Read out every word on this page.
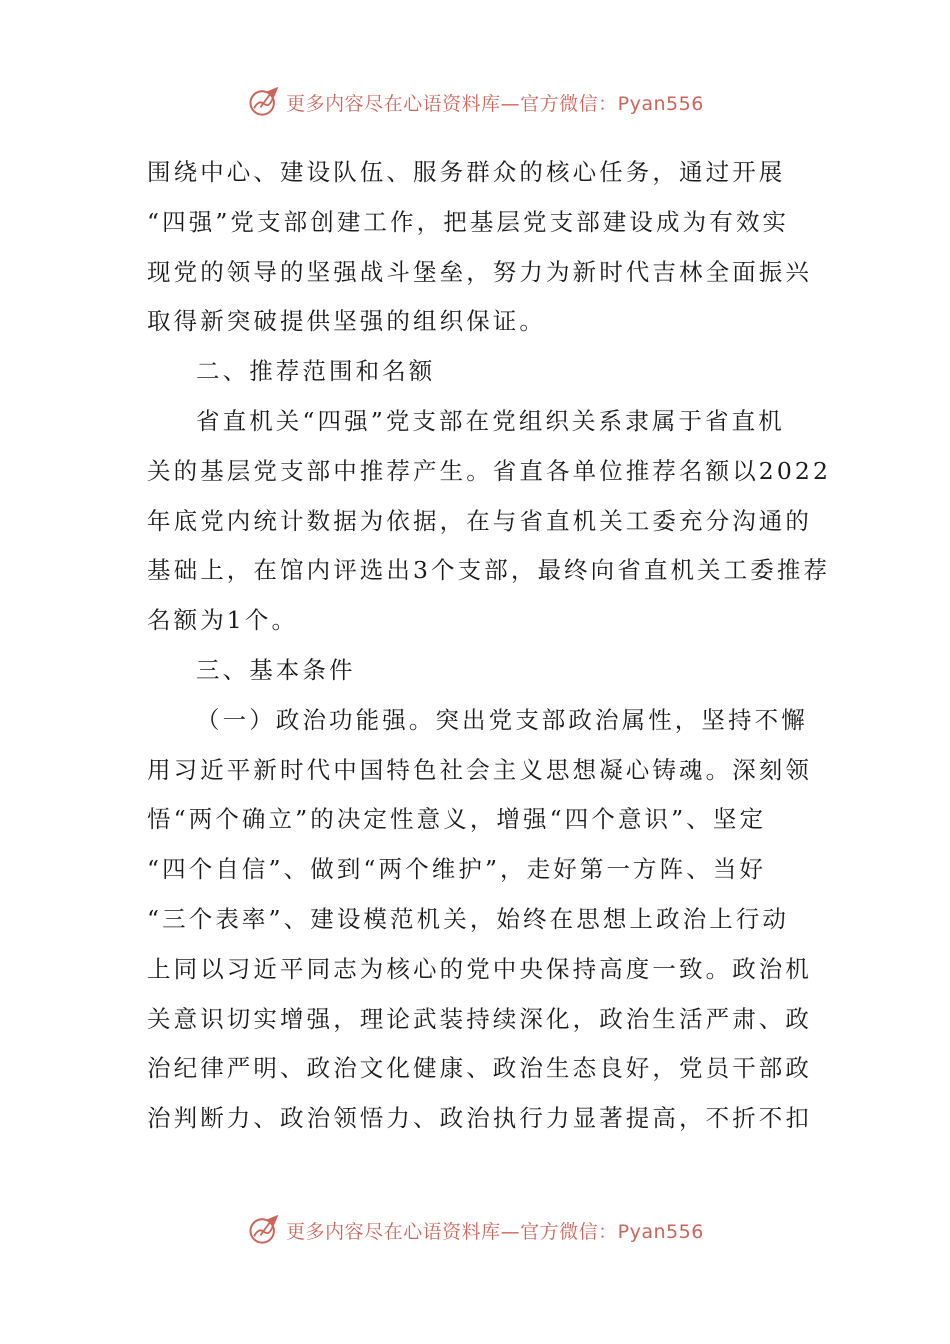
更多内容尽在心语资料库—官方微信：Pyan556
围绕中心、建设队伍、服务群众的核心任务，通过开展
“四强”党支部创建工作，把基层党支部建设成为有效实
现党的领导的坚强战斗堡垒，努力为新时代吉林全面振兴
取得新突破提供坚强的组织保证。
二、推荐范围和名额
省直机关“四强”党支部在党组织关系隶属于省直机
关的基层党支部中推荐产生。省直各单位推荐名额以2022
年底党内统计数据为依据，在与省直机关工委充分沟通的
基础上，在馆内评选出3个支部，最终向省直机关工委推荐
名额为1个。
三、基本条件
（一）政治功能强。突出党支部政治属性，坚持不懈
用习近平新时代中国特色社会主义思想凝心铸魂。深刻领
悟“两个确立”的决定性意义，增强“四个意识”、坚定
“四个自信”、做到“两个维护”，走好第一方阵、当好
“三个表率”、建设模范机关，始终在思想上政治上行动
上同以习近平同志为核心的党中央保持高度一致。政治机
关意识切实增强，理论武装持续深化，政治生活严肃、政
治纪律严明、政治文化健康、政治生态良好，党员干部政
治判断力、政治领悟力、政治执行力显著提高，不折不扣
更多内容尽在心语资料库—官方微信：Pyan556
